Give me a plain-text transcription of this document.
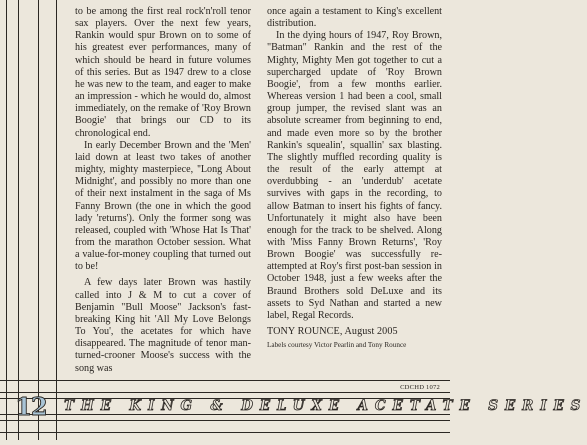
to be among the first real rock'n'roll tenor sax players. Over the next few years, Rankin would spur Brown on to some of his greatest ever performances, many of which should be heard in future volumes of this series. But as 1947 drew to a close he was new to the team, and eager to make an impression - which he would do, almost immediately, on the remake of 'Roy Brown Boogie' that brings our CD to its chronological end.

In early December Brown and the 'Men' laid down at least two takes of another mighty, mighty masterpiece, ''Long About Midnight', and possibly no more than one of their next instalment in the saga of Ms Fanny Brown (the one in which the good lady 'returns'). Only the former song was released, coupled with 'Whose Hat Is That' from the marathon October session. What a value-for-money coupling that turned out to be!

A few days later Brown was hastily called into J & M to cut a cover of Benjamin "Bull Moose" Jackson's fast-breaking King hit 'All My Love Belongs To You', the acetates for which have disappeared. The magnitude of tenor man-turned-crooner Moose's success with the song was

once again a testament to King's excellent distribution.

In the dying hours of 1947, Roy Brown, "Batman" Rankin and the rest of the Mighty, Mighty Men got together to cut a supercharged update of 'Roy Brown Boogie', from a few months earlier. Whereas version 1 had been a cool, small group jumper, the revised slant was an absolute screamer from beginning to end, and made even more so by the brother Rankin's squealin', squallin' sax blasting. The slightly muffled recording quality is the result of the early attempt at overdubbing - an 'underdub' acetate survives with gaps in the recording, to allow Batman to insert his fights of fancy. Unfortunately it might also have been enough for the track to be shelved. Along with 'Miss Fanny Brown Returns', 'Roy Brown Boogie' was successfully re-attempted at Roy's first post-ban session in October 1948, just a few weeks after the Braund Brothers sold DeLuxe and its assets to Syd Nathan and started a new label, Regal Records.

TONY ROUNCE, August 2005

Labels courtesy Victor Pearlin and Tony Rounce

CDCHD 1072
12	THE KING & DELUXE ACETATE SERIES
